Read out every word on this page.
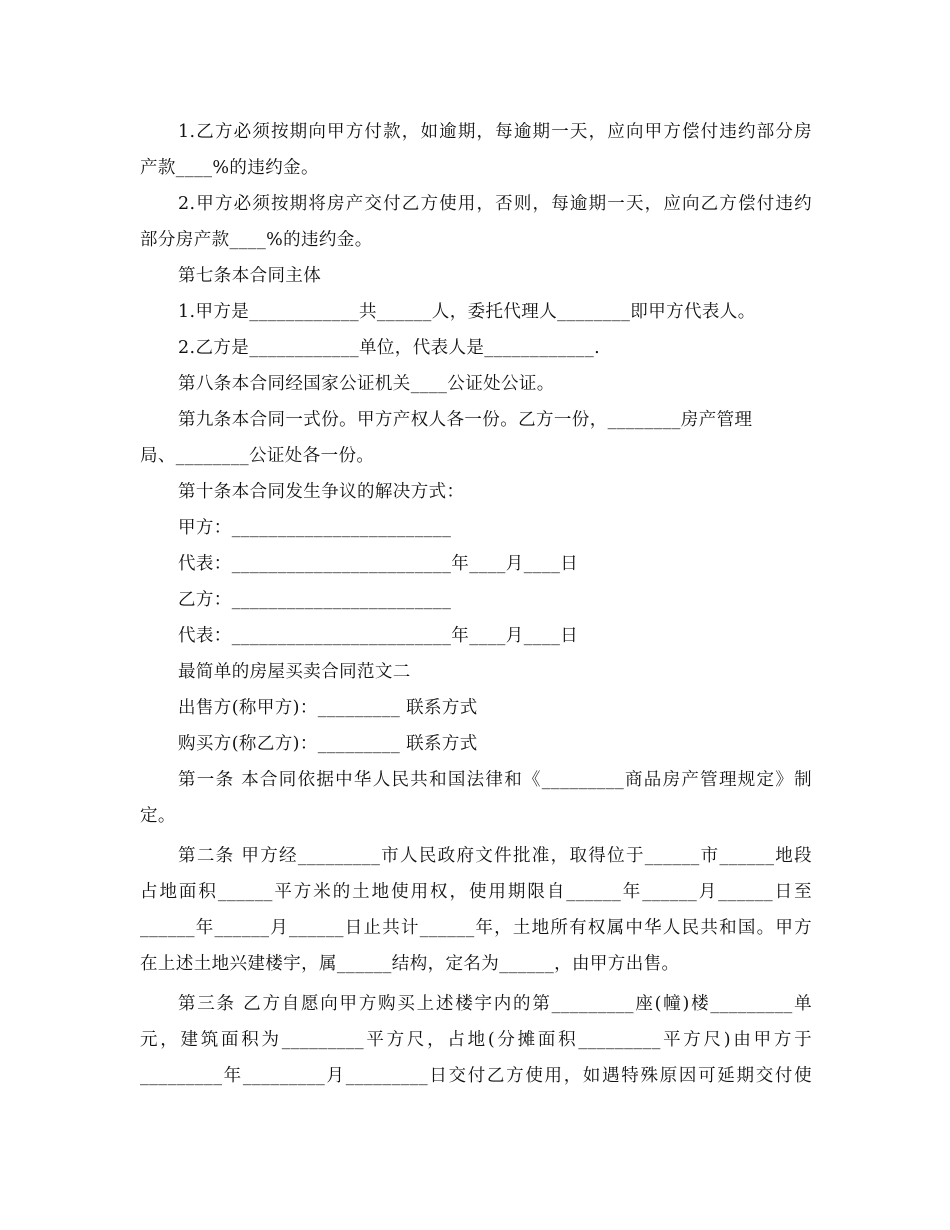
1.乙方必须按期向甲方付款，如逾期，每逾期一天，应向甲方偿付违约部分房
产款____%的违约金。
2.甲方必须按期将房产交付乙方使用，否则，每逾期一天，应向乙方偿付违约
部分房产款____%的违约金。
第七条本合同主体
1.甲方是____________共______人，委托代理人________即甲方代表人。
2.乙方是____________单位，代表人是____________.
第八条本合同经国家公证机关____公证处公证。
第九条本合同一式份。甲方产权人各一份。乙方一份，________房产管理
局、________公证处各一份。
第十条本合同发生争议的解决方式：
甲方：________________________
代表：________________________年____月____日
乙方：________________________
代表：________________________年____月____日
最简单的房屋买卖合同范文二
出售方(称甲方)：_________ 联系方式
购买方(称乙方)：_________ 联系方式
第一条 本合同依据中华人民共和国法律和《_________商品房产管理规定》制
定。
第二条 甲方经_________市人民政府文件批准，取得位于______市______地段
占地面积______平方米的土地使用权，使用期限自______年______月______日至
______年______月______日止共计______年，土地所有权属中华人民共和国。甲方
在上述土地兴建楼宇，属______结构，定名为______，由甲方出售。
第三条 乙方自愿向甲方购买上述楼宇内的第_________座(幢)楼_________单
元，建筑面积为_________平方尺，占地(分摊面积_________平方尺)由甲方于
_________年_________月_________日交付乙方使用，如遇特殊原因可延期交付使
